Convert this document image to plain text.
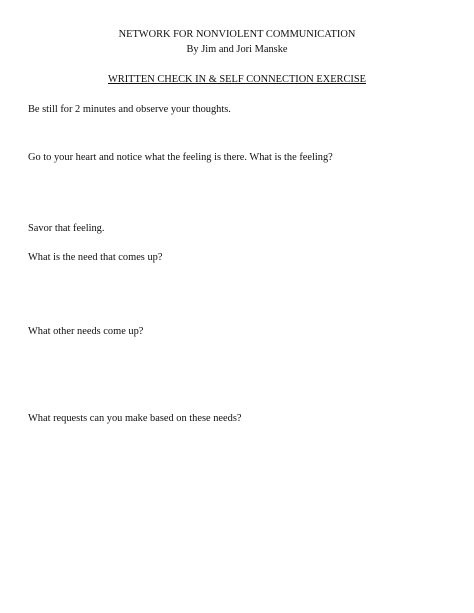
NETWORK FOR NONVIOLENT COMMUNICATION
By Jim and Jori Manske
WRITTEN CHECK IN & SELF CONNECTION EXERCISE
Be still for 2 minutes and observe your thoughts.
Go to your heart and notice what the feeling is there. What is the feeling?
Savor that feeling.
What is the need that comes up?
What other needs come up?
What requests can you make based on these needs?
